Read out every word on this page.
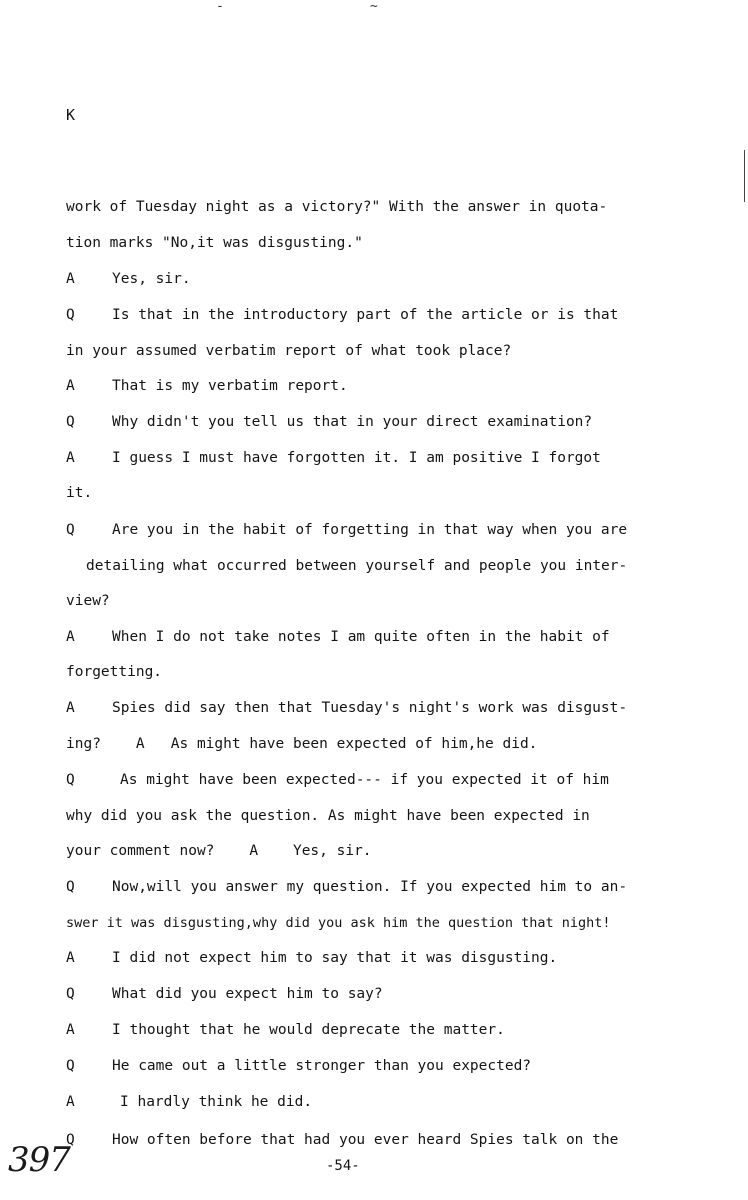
-	~
K
work of Tuesday night as a victory?" With the answer in quota-
tion marks "No,it was disgusting."
A	Yes, sir.
Q	Is that in the introductory part of the article or is that
in your assumed verbatim report of what took place?
A	That is my verbatim report.
Q	Why didn't you tell us that in your direct examination?
A	I guess I must have forgotten it. I am positive I forgot
it.
Q	Are you in the habit of forgetting in that way when you are
detailing what occurred between yourself and people you inter-
view?
A	When I do not take notes I am quite often in the habit of
forgetting.
A	Spies did say then that Tuesday's night's work was disgust-
ing?    A   As might have been expected of him,he did.
Q	As might have been expected--- if you expected it of him
why did you ask the question. As might have been expected in
your comment now?    A    Yes, sir.
Q	Now,will you answer my question. If you expected him to an-
swer it was disgusting,why did you ask him the question that night!
A	I did not expect him to say that it was disgusting.
Q	What did you expect him to say?
A	I thought that he would deprecate the matter.
Q	He came out a little stronger than you expected?
A	I hardly think he did.
Q	How often before that had you ever heard Spies talk on the
397	-54-
